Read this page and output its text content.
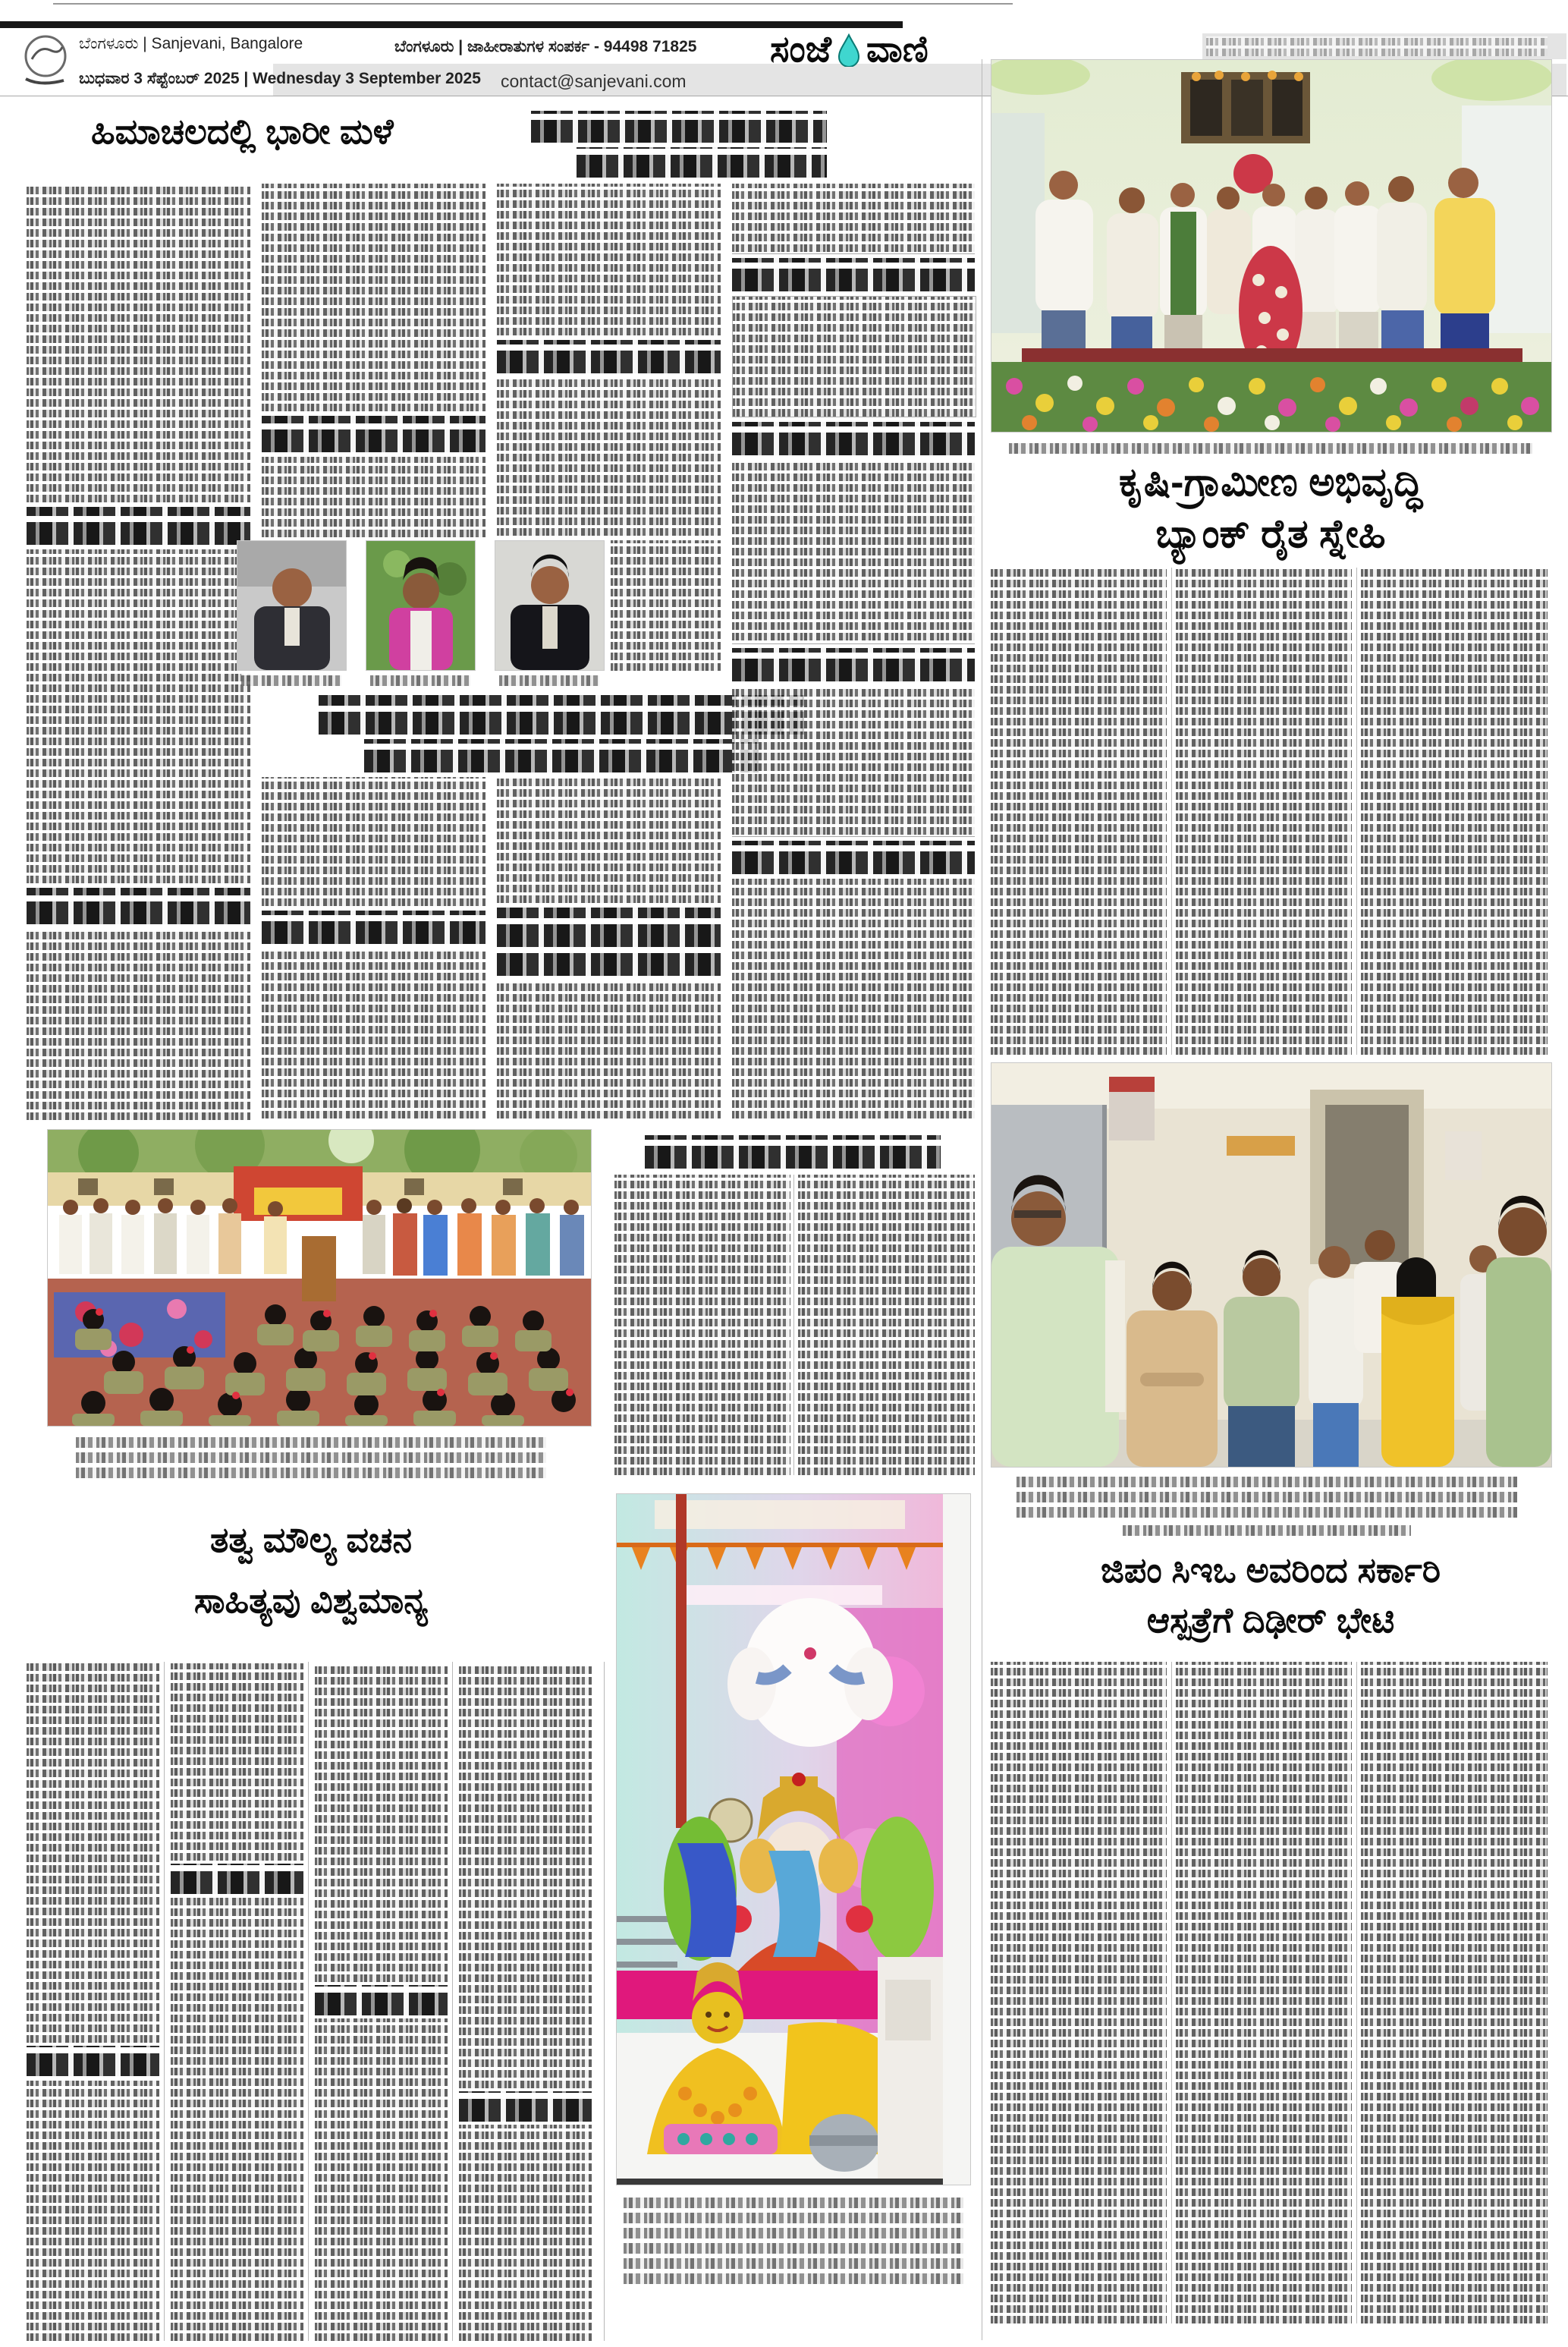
ಬೆಂಗಳೂರು | Sanjevani, Bangalore
ಬುಧವಾರ 3 ಸೆಪ್ಟೆಂಬರ್ 2025 | Wednesday 3 September 2025
ಬೆಂಗಳೂರು | ಜಾಹೀರಾತುಗಳ ಸಂಪರ್ಕ - 94498 71825
contact@sanjevani.com
ಸಂಜೆ ವಾಣಿ
ಹಿಮಾಚಲದಲ್ಲಿ ಭಾರೀ ಮಳೆ
ತತ್ವ ಮೌಲ್ಯ ವಚನ
ಸಾಹಿತ್ಯವು ವಿಶ್ವಮಾನ್ಯ
ಕೃಷಿ-ಗ್ರಾಮೀಣ ಅಭಿವೃದ್ಧಿ
ಬ್ಯಾಂಕ್ ರೈತ ಸ್ನೇಹಿ
ಜಿಪಂ ಸಿಇಒ ಅವರಿಂದ ಸರ್ಕಾರಿ
ಆಸ್ಪತ್ರೆಗೆ ದಿಢೀರ್ ಭೇಟಿ
